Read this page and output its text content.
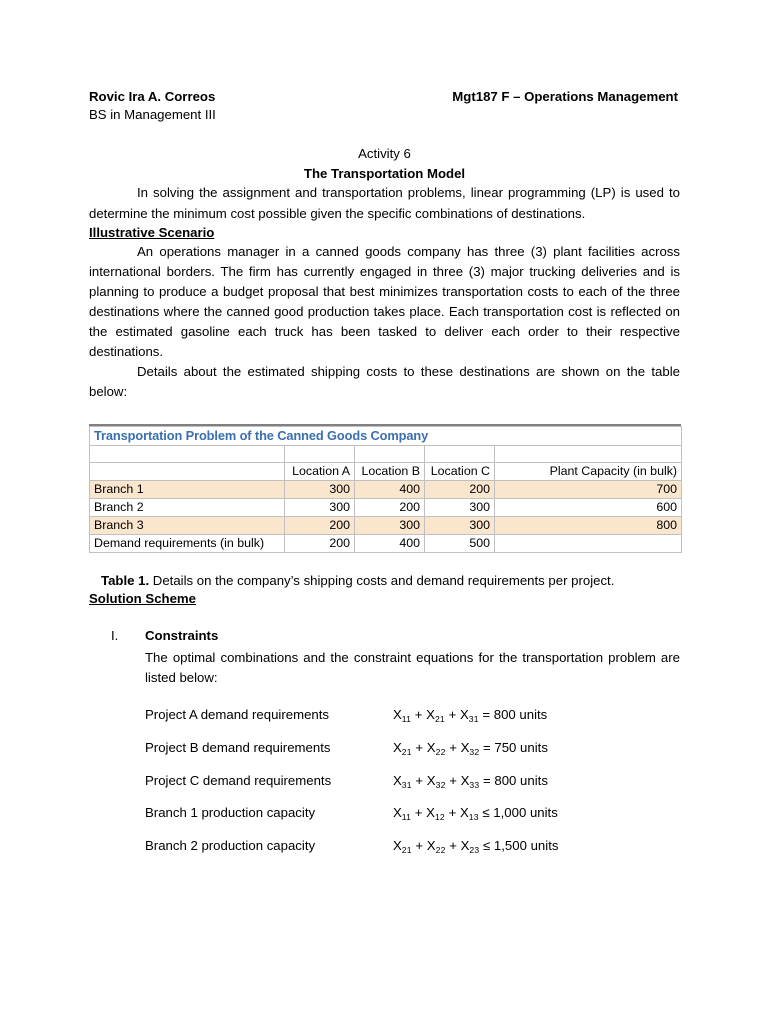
Rovic Ira A. Correos	Mgt187 F – Operations Management
BS in Management III
Activity 6
The Transportation Model

In solving the assignment and transportation problems, linear programming (LP) is used to determine the minimum cost possible given the specific combinations of destinations.

Illustrative Scenario

An operations manager in a canned goods company has three (3) plant facilities across international borders. The firm has currently engaged in three (3) major trucking deliveries and is planning to produce a budget proposal that best minimizes transportation costs to each of the three destinations where the canned good production takes place. Each transportation cost is reflected on the estimated gasoline each truck has been tasked to deliver each order to their respective destinations.

Details about the estimated shipping costs to these destinations are shown on the table below:

Transportation Problem of the Canned Goods Company				

	Location A	Location B	Location C	Plant Capacity (in bulk)
Branch 1	300	400	200	700
Branch 2	300	200	300	600
Branch 3	200	300	300	800
Demand requirements (in bulk)	200	400	500	
Table 1. Details on the company’s shipping costs and demand requirements per project.
Solution Scheme
I.	Constraints
The optimal combinations and the constraint equations for the transportation problem are listed below:
Project A demand requirements	$X_{11} + X_{21} + X_{31} = 800$ units
Project B demand requirements	$X_{21} + X_{22} + X_{32} = 750$ units
Project C demand requirements	$X_{31} + X_{32} + X_{33} = 800$ units
Branch 1 production capacity	$X_{11} + X_{12} + X_{13} \le 1,000$ units
Branch 2 production capacity	$X_{21} + X_{22} + X_{23} \le 1,500$ units
